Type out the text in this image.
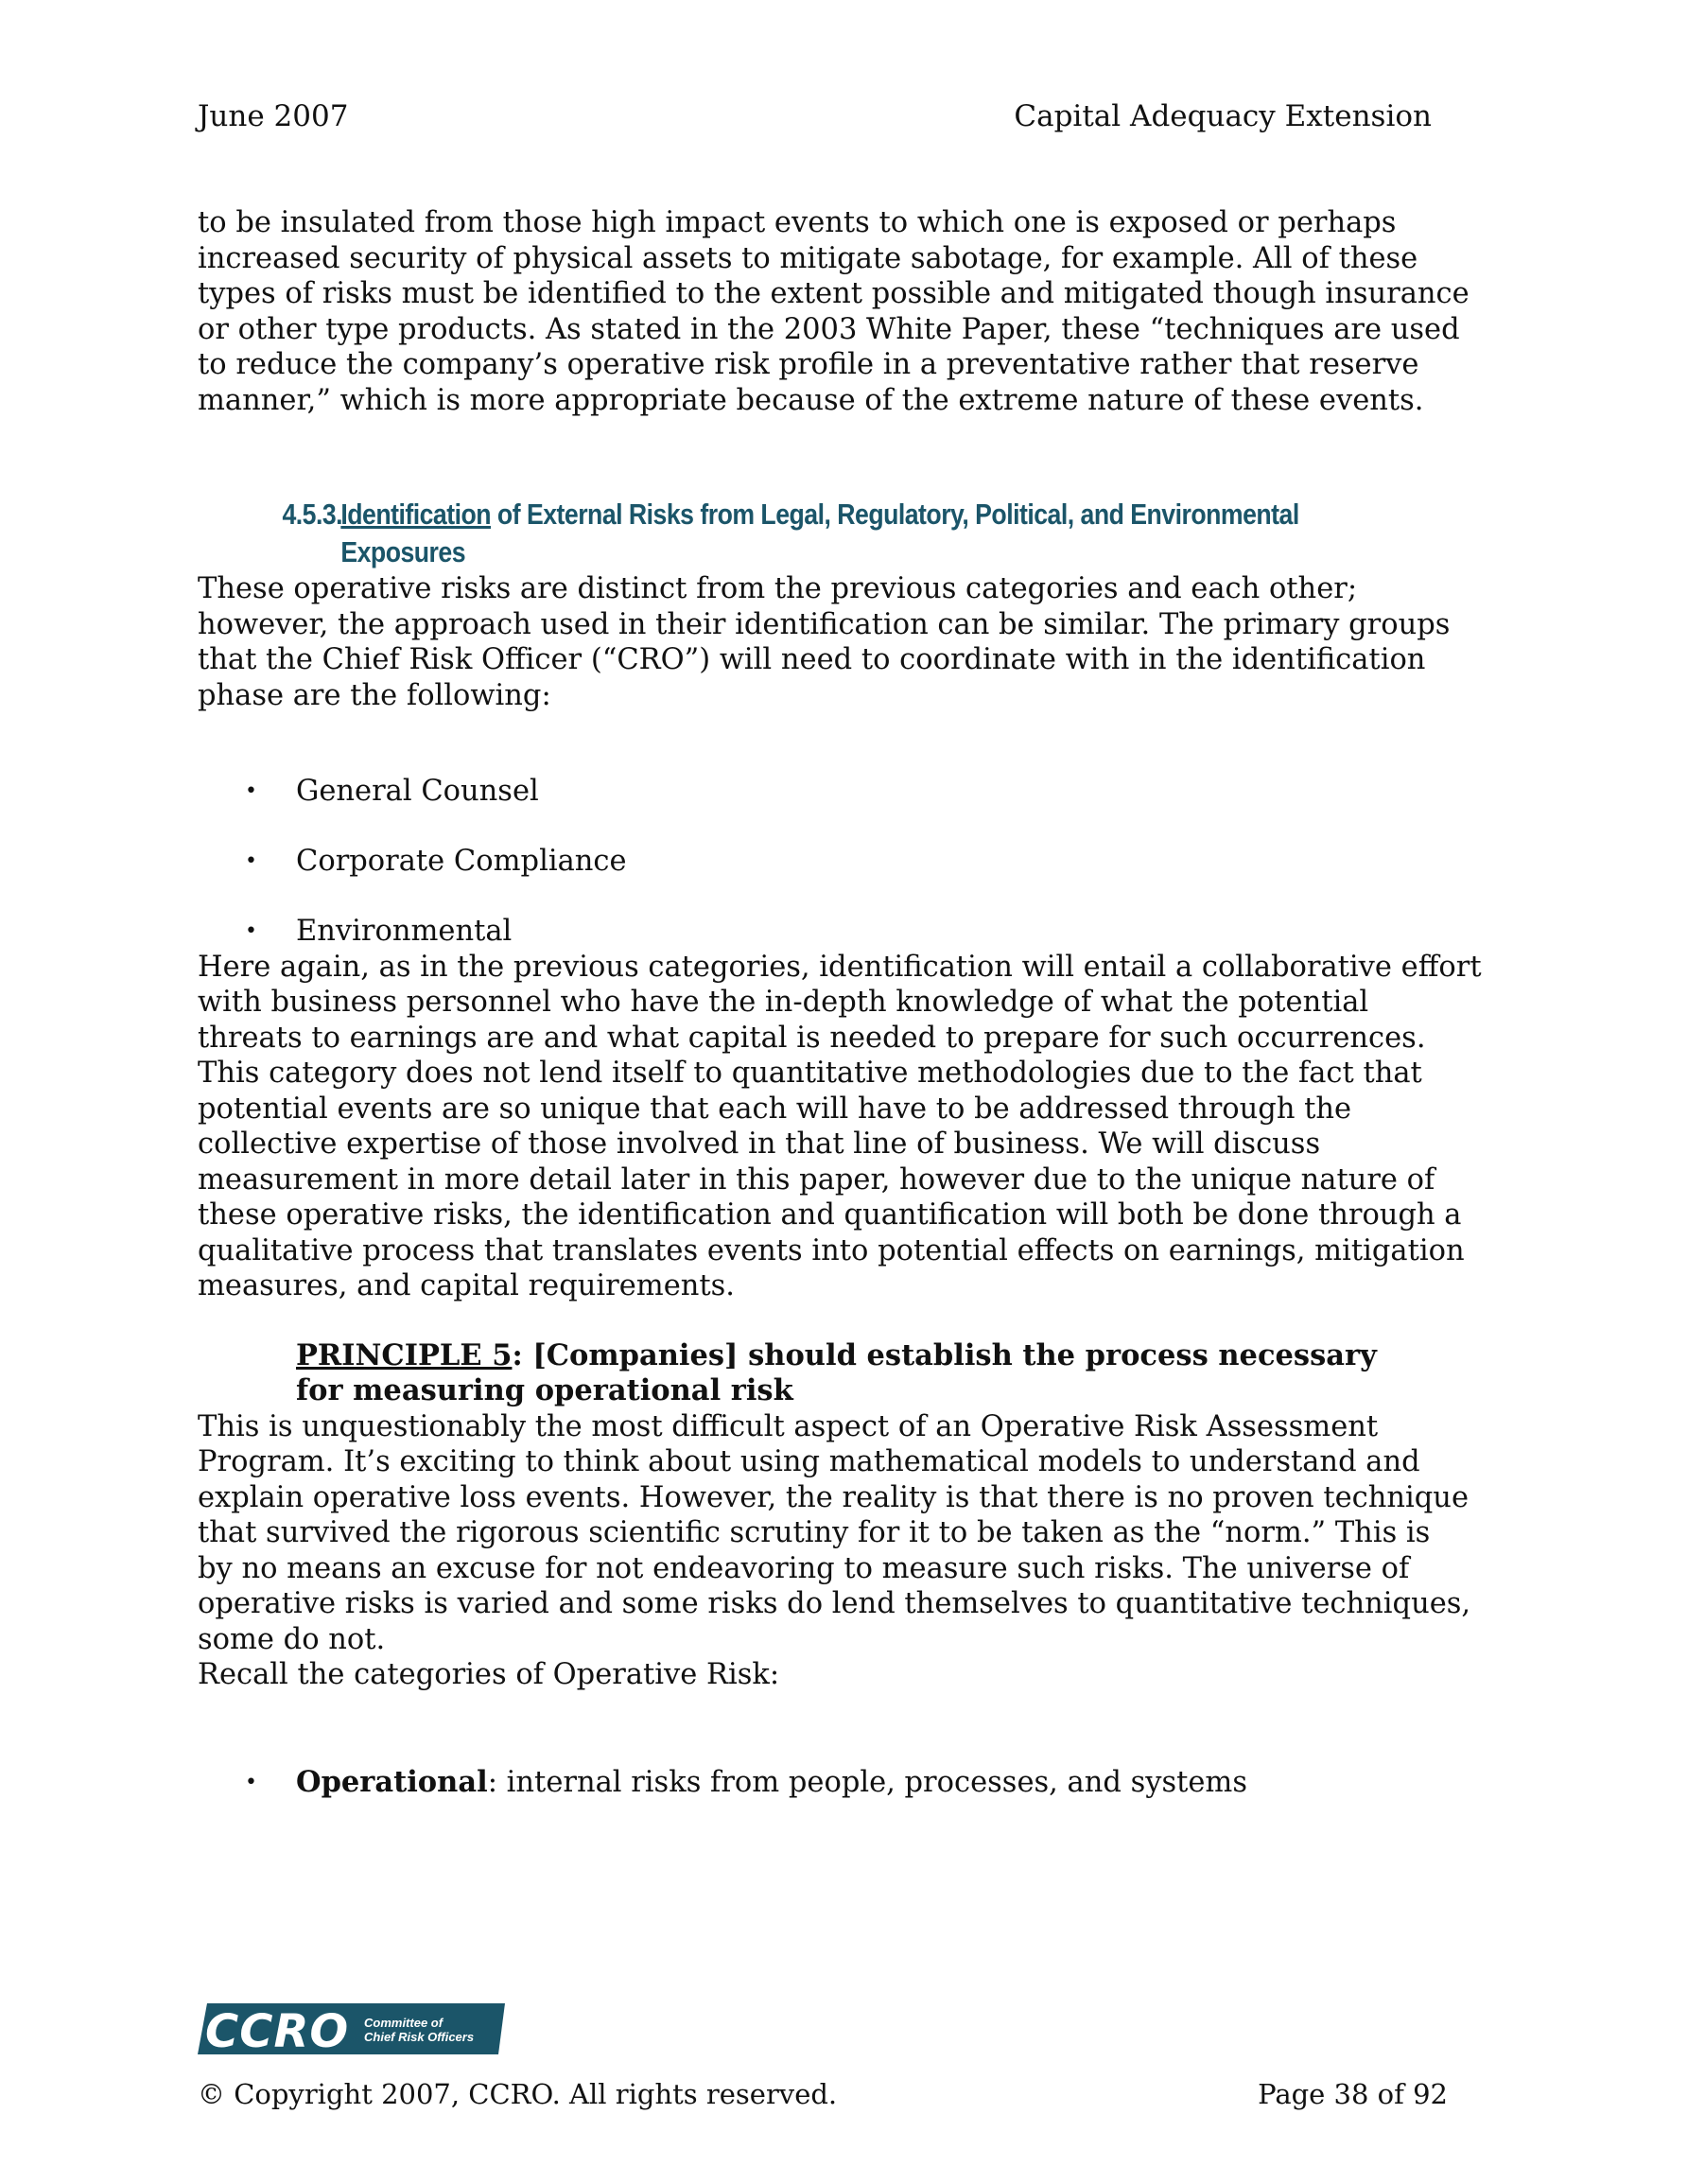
June 2007	Capital Adequacy Extension

to be insulated from those high impact events to which one is exposed or perhaps
increased security of physical assets to mitigate sabotage, for example. All of these
types of risks must be identified to the extent possible and mitigated though insurance
or other type products. As stated in the 2003 White Paper, these “techniques are used
to reduce the company’s operative risk profile in a preventative rather that reserve
manner,” which is more appropriate because of the extreme nature of these events.

4.5.3.Identification of External Risks from Legal, Regulatory, Political, and Environmental
Exposures

These operative risks are distinct from the previous categories and each other;
however, the approach used in their identification can be similar. The primary groups
that the Chief Risk Officer (“CRO”) will need to coordinate with in the identification
phase are the following:

• General Counsel
• Corporate Compliance
• Environmental

Here again, as in the previous categories, identification will entail a collaborative effort
with business personnel who have the in-depth knowledge of what the potential
threats to earnings are and what capital is needed to prepare for such occurrences.
This category does not lend itself to quantitative methodologies due to the fact that
potential events are so unique that each will have to be addressed through the
collective expertise of those involved in that line of business. We will discuss
measurement in more detail later in this paper, however due to the unique nature of
these operative risks, the identification and quantification will both be done through a
qualitative process that translates events into potential effects on earnings, mitigation
measures, and capital requirements.

PRINCIPLE 5: [Companies] should establish the process necessary for measuring operational risk

This is unquestionably the most difficult aspect of an Operative Risk Assessment
Program. It’s exciting to think about using mathematical models to understand and
explain operative loss events. However, the reality is that there is no proven technique
that survived the rigorous scientific scrutiny for it to be taken as the “norm.” This is
by no means an excuse for not endeavoring to measure such risks. The universe of
operative risks is varied and some risks do lend themselves to quantitative techniques,
some do not.
Recall the categories of Operative Risk:

• Operational: internal risks from people, processes, and systems
CCRO Committee of
Chief Risk Officers
© Copyright 2007, CCRO. All rights reserved.	Page 38 of 92
